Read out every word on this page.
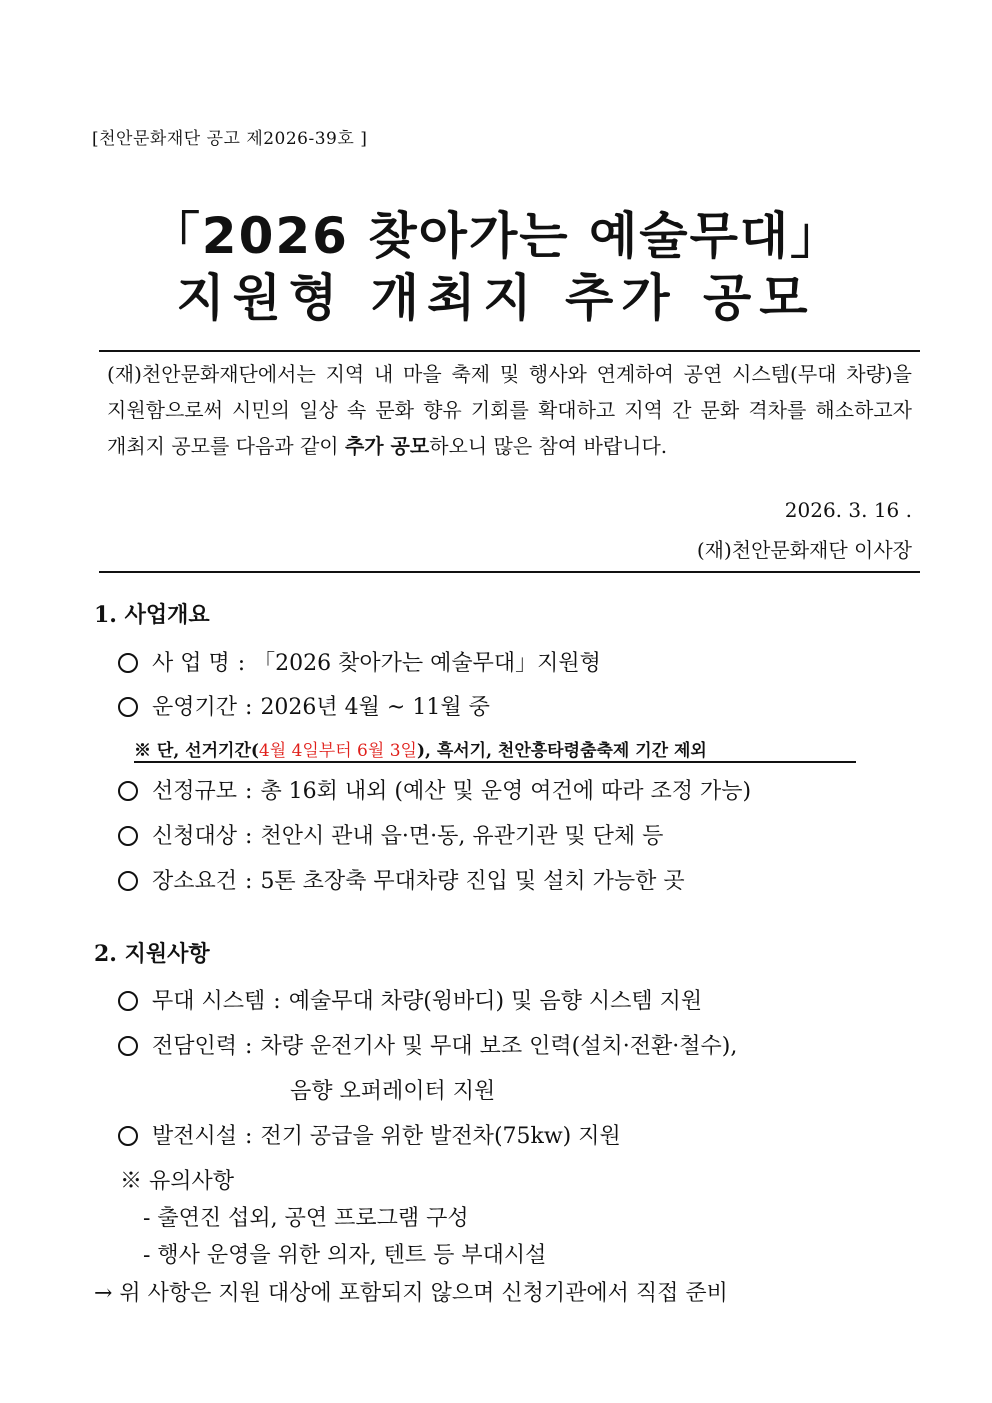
[천안문화재단 공고 제2026-39호 ]
「2026 찾아가는 예술무대」
지원형 개최지 추가 공모
(재)천안문화재단에서는 지역 내 마을 축제 및 행사와 연계하여 공연 시스템(무대 차량)을 지원함으로써 시민의 일상 속 문화 향유 기회를 확대하고 지역 간 문화 격차를 해소하고자 개최지 공모를 다음과 같이 추가 공모하오니 많은 참여 바랍니다.
2026. 3. 16 .
(재)천안문화재단 이사장
1. 사업개요
사 업 명 : 「2026 찾아가는 예술무대」지원형
운영기간 : 2026년 4월 ~ 11월 중
※ 단, 선거기간(4월 4일부터 6월 3일), 흑서기, 천안흥타령춤축제 기간 제외
선정규모 : 총 16회 내외 (예산 및 운영 여건에 따라 조정 가능)
신청대상 : 천안시 관내 읍·면·동, 유관기관 및 단체 등
장소요건 : 5톤 초장축 무대차량 진입 및 설치 가능한 곳
2. 지원사항
무대 시스템 : 예술무대 차량(윙바디) 및 음향 시스템 지원
전담인력 : 차량 운전기사 및 무대 보조 인력(설치·전환·철수),
음향 오퍼레이터 지원
발전시설 : 전기 공급을 위한 발전차(75kw) 지원
※ 유의사항
- 출연진 섭외, 공연 프로그램 구성
- 행사 운영을 위한 의자, 텐트 등 부대시설
→ 위 사항은 지원 대상에 포함되지 않으며 신청기관에서 직접 준비
